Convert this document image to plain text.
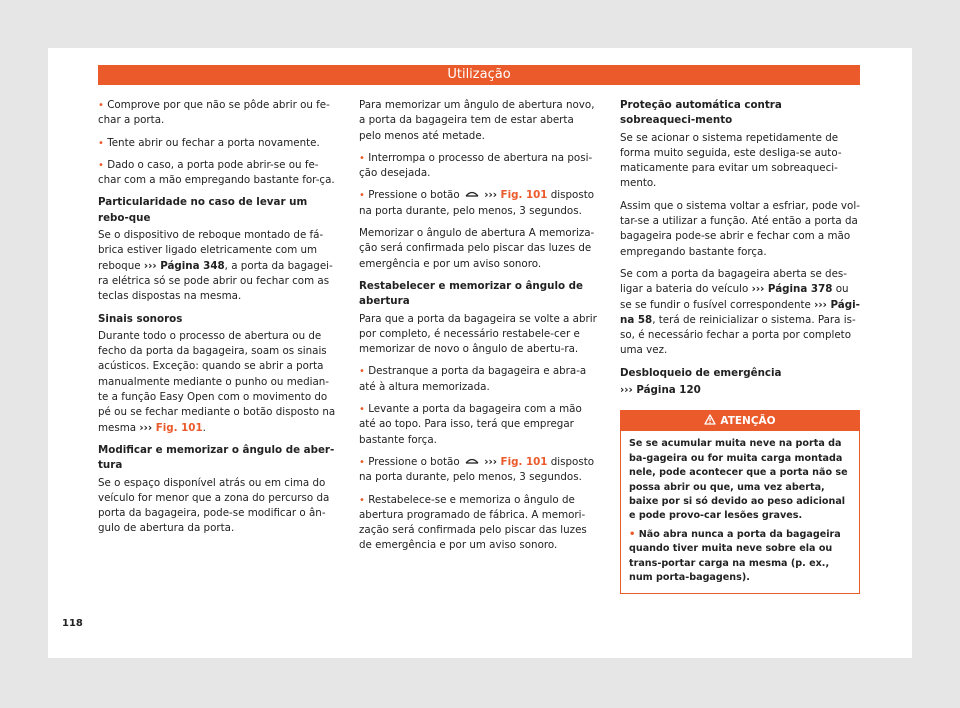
Utilização

• Comprove por que não se pôde abrir ou fe-char a porta.

• Tente abrir ou fechar a porta novamente.

• Dado o caso, a porta pode abrir-se ou fe-char com a mão empregando bastante for-ça.

Particularidade no caso de levar um rebo-que

Se o dispositivo de reboque montado de fá-brica estiver ligado eletricamente com um reboque ››› Página 348, a porta da bagagei-ra elétrica só se pode abrir ou fechar com as teclas dispostas na mesma.

Sinais sonoros

Durante todo o processo de abertura ou de fecho da porta da bagageira, soam os sinais acústicos. Exceção: quando se abrir a porta manualmente mediante o punho ou median-te a função Easy Open com o movimento do pé ou se fechar mediante o botão disposto na mesma ››› Fig. 101.

Modificar e memorizar o ângulo de aber-tura

Se o espaço disponível atrás ou em cima do veículo for menor que a zona do percurso da porta da bagageira, pode-se modificar o ân-gulo de abertura da porta.

Para memorizar um ângulo de abertura novo, a porta da bagageira tem de estar aberta pelo menos até metade.

• Interrompa o processo de abertura na posi-ção desejada.

• Pressione o botão ››› Fig. 101 disposto na porta durante, pelo menos, 3 segundos.

Memorizar o ângulo de abertura A memoriza-ção será confirmada pelo piscar das luzes de emergência e por um aviso sonoro.

Restabelecer e memorizar o ângulo de abertura

Para que a porta da bagageira se volte a abrir por completo, é necessário restabele-cer e memorizar de novo o ângulo de abertu-ra.

• Destranque a porta da bagageira e abra-a até à altura memorizada.

• Levante a porta da bagageira com a mão até ao topo. Para isso, terá que empregar bastante força.

• Pressione o botão ››› Fig. 101 disposto na porta durante, pelo menos, 3 segundos.

• Restabelece-se e memoriza o ângulo de abertura programado de fábrica. A memori-zação será confirmada pelo piscar das luzes de emergência e por um aviso sonoro.

Proteção automática contra sobreaqueci-mento

Se se acionar o sistema repetidamente de forma muito seguida, este desliga-se auto-maticamente para evitar um sobreaqueci-mento.

Assim que o sistema voltar a esfriar, pode vol-tar-se a utilizar a função. Até então a porta da bagageira pode-se abrir e fechar com a mão empregando bastante força.

Se com a porta da bagageira aberta se des-ligar a bateria do veículo ››› Página 378 ou se se fundir o fusível correspondente ››› Pági-na 58, terá de reinicializar o sistema. Para is-so, é necessário fechar a porta por completo uma vez.

Desbloqueio de emergência

››› Página 120

ATENÇÃO

Se se acumular muita neve na porta da ba-gageira ou for muita carga montada nele, pode acontecer que a porta não se possa abrir ou que, uma vez aberta, baixe por si só devido ao peso adicional e pode provo-car lesões graves.

• Não abra nunca a porta da bagageira quando tiver muita neve sobre ela ou trans-portar carga na mesma (p. ex., num porta-bagagens).

118
